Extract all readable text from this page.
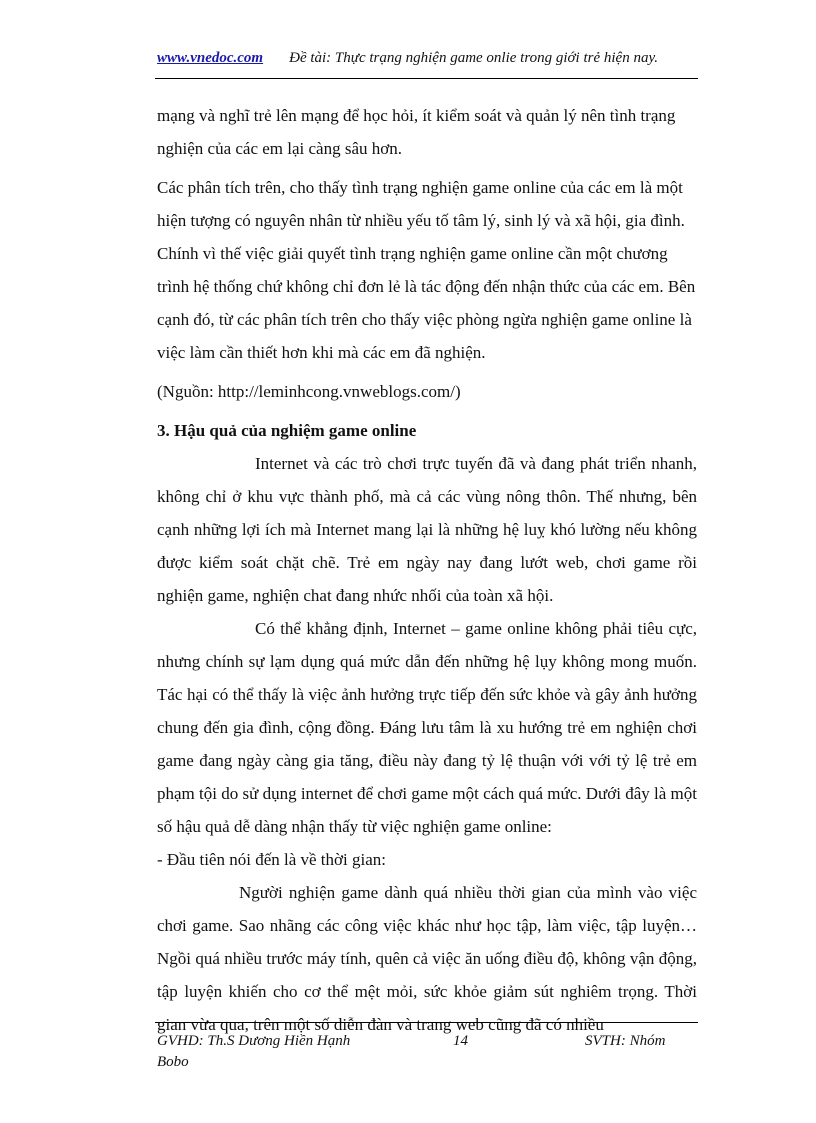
www.vnedoc.com Đề tài: Thực trạng nghiện game onlie trong giới trẻ hiện nay.

mạng và nghĩ trẻ lên mạng để học hỏi, ít kiểm soát và quản lý nên tình trạng nghiện của các em lại càng sâu hơn.

Các phân tích trên, cho thấy tình trạng nghiện game online của các em là một hiện tượng có nguyên nhân từ nhiều yếu tố tâm lý, sinh lý và xã hội, gia đình. Chính vì thế việc giải quyết tình trạng nghiện game online cần một chương trình hệ thống chứ không chỉ đơn lẻ là tác động đến nhận thức của các em. Bên cạnh đó, từ các phân tích trên cho thấy việc phòng ngừa nghiện game online là việc làm cần thiết hơn khi mà các em đã nghiện.

(Nguồn: http://leminhcong.vnweblogs.com/)

3. Hậu quả của nghiệm game online

Internet và các trò chơi trực tuyến đã và đang phát triển nhanh, không chỉ ở khu vực thành phố, mà cả các vùng nông thôn. Thế nhưng, bên cạnh những lợi ích mà Internet mang lại là những hệ luỵ khó lường nếu không được kiểm soát chặt chẽ. Trẻ em ngày nay đang lướt web, chơi game rồi nghiện game, nghiện chat đang nhức nhối của toàn xã hội.

Có thể khẳng định, Internet – game online không phải tiêu cực, nhưng chính sự lạm dụng quá mức dẫn đến những hệ lụy không mong muốn. Tác hại có thể thấy là việc ảnh hưởng trực tiếp đến sức khỏe và gây ảnh hưởng chung đến gia đình, cộng đồng. Đáng lưu tâm là xu hướng trẻ em nghiện chơi game đang ngày càng gia tăng, điều này đang tỷ lệ thuận với với tỷ lệ trẻ em phạm tội do sử dụng internet để chơi game một cách quá mức. Dưới đây là một số hậu quả dễ dàng nhận thấy từ việc nghiện game online:

- Đầu tiên nói đến là về thời gian:

Người nghiện game dành quá nhiều thời gian của mình vào việc chơi game. Sao nhãng các công việc khác như học tập, làm việc, tập luyện…Ngồi quá nhiều trước máy tính, quên cả việc ăn uống điều độ, không vận động, tập luyện khiến cho cơ thể mệt mỏi, sức khỏe giảm sút nghiêm trọng. Thời gian vừa qua, trên một số diễn đàn và trang web cũng đã có nhiều

GVHD: Th.S Dương Hiền Hạnh	14	SVTH: Nhóm
Bobo
